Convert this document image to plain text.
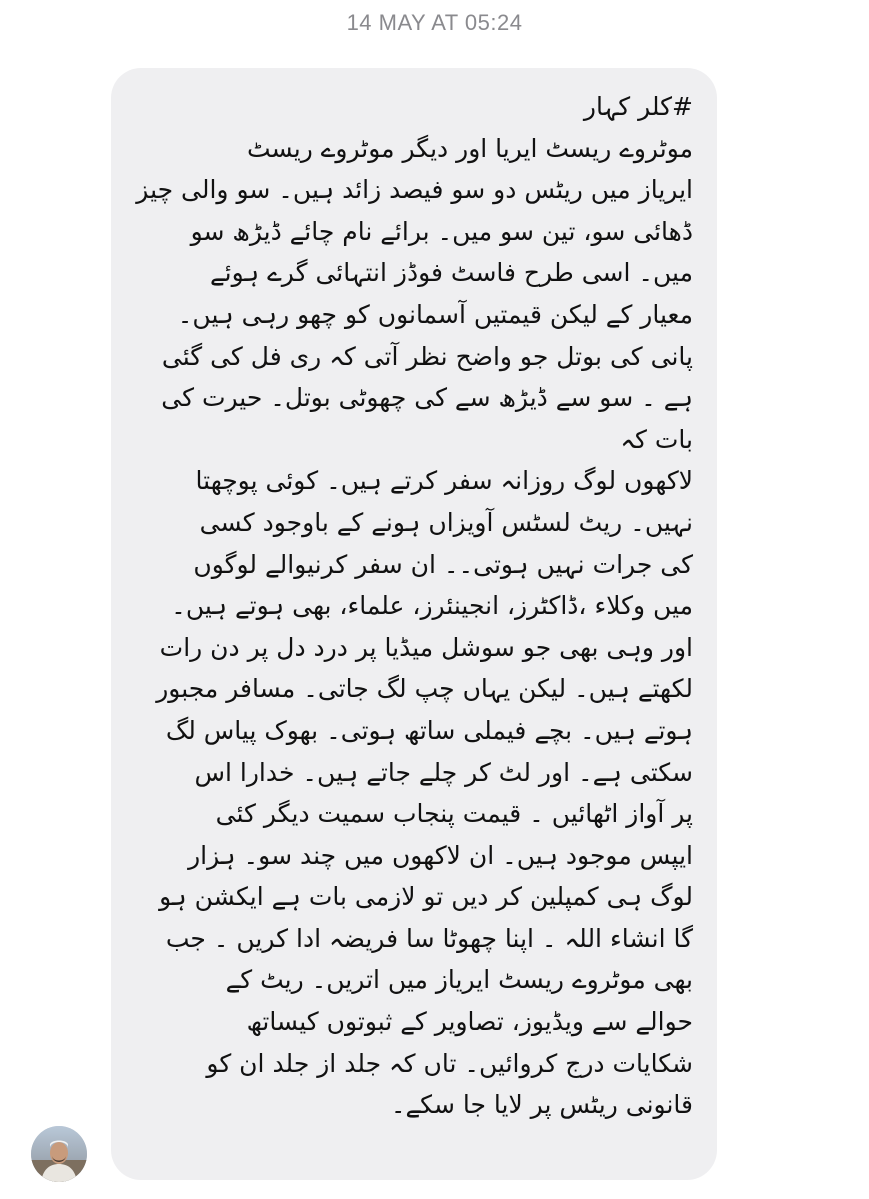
14 MAY AT 05:24
#کلر کہار
موٹروے ریسٹ ایریا اور دیگر موٹروے ریسٹ
ایریاز میں ریٹس دو سو فیصد زائد ہیں۔ سو والی چیز
ڈھائی سو، تین سو میں۔ برائے نام چائے ڈیڑھ سو
میں۔ اسی طرح فاسٹ فوڈز انتہائی گرے ہوئے
معیار کے لیکن قیمتیں آسمانوں کو چھو رہی ہیں۔
پانی کی بوتل جو واضح نظر آتی کہ ری فل کی گئی
ہے ۔ سو سے ڈیڑھ سے کی چھوٹی بوتل۔ حیرت کی
بات کہ
لاکھوں لوگ روزانہ سفر کرتے ہیں۔ کوئی پوچھتا
نہیں۔ ریٹ لسٹس آویزاں ہونے کے باوجود کسی
کی جرات نہیں ہوتی۔۔ ان سفر کرنیوالے لوگوں
میں وکلاء ،ڈاکٹرز، انجینئرز، علماء، بھی ہوتے ہیں۔
اور وہی بھی جو سوشل میڈیا پر درد دل پر دن رات
لکھتے ہیں۔ لیکن یہاں چپ لگ جاتی۔ مسافر مجبور
ہوتے ہیں۔ بچے فیملی ساتھ ہوتی۔ بھوک پیاس لگ
سکتی ہے۔ اور لٹ کر چلے جاتے ہیں۔ خدارا اس
پر آواز اٹھائیں ۔ قیمت پنجاب سمیت دیگر کئی
ایپس موجود ہیں۔ ان لاکھوں میں چند سو۔ ہزار
لوگ ہی کمپلین کر دیں تو لازمی بات ہے ایکشن ہو
گا انشاء اللہ ۔ اپنا چھوٹا سا فریضہ ادا کریں ۔ جب
بھی موٹروے ریسٹ ایریاز میں اتریں۔ ریٹ کے
حوالے سے ویڈیوز، تصاویر کے ثبوتوں کیساتھ
شکایات درج کروائیں۔ تاں کہ جلد از جلد ان کو
قانونی ریٹس پر لایا جا سکے۔
